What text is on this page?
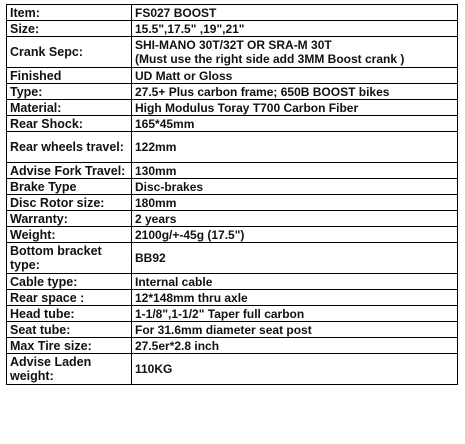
Item:	FS027 BOOST
Size:	15.5",17.5" ,19",21"
Crank Sepc:	SHI-MANO 30T/32T OR SRA-M 30T
(Must use the right side add 3MM Boost crank )

Finished	UD Matt or Gloss
Type:	27.5+ Plus carbon frame; 650B BOOST bikes
Material:	High Modulus Toray T700 Carbon Fiber
Rear Shock:	165*45mm
Rear wheels travel:	122mm
Advise Fork Travel:	130mm
Brake Type	Disc-brakes
Disc Rotor size:	180mm
Warranty:	2 years
Weight:	2100g/+-45g (17.5")
Bottom bracket type:	BB92
Cable type:	Internal cable
Rear space :	12*148mm thru axle
Head tube:	1-1/8",1-1/2" Taper full carbon
Seat tube:	For 31.6mm diameter seat post
Max Tire size:	27.5er*2.8 inch
Advise Laden weight:	110KG
